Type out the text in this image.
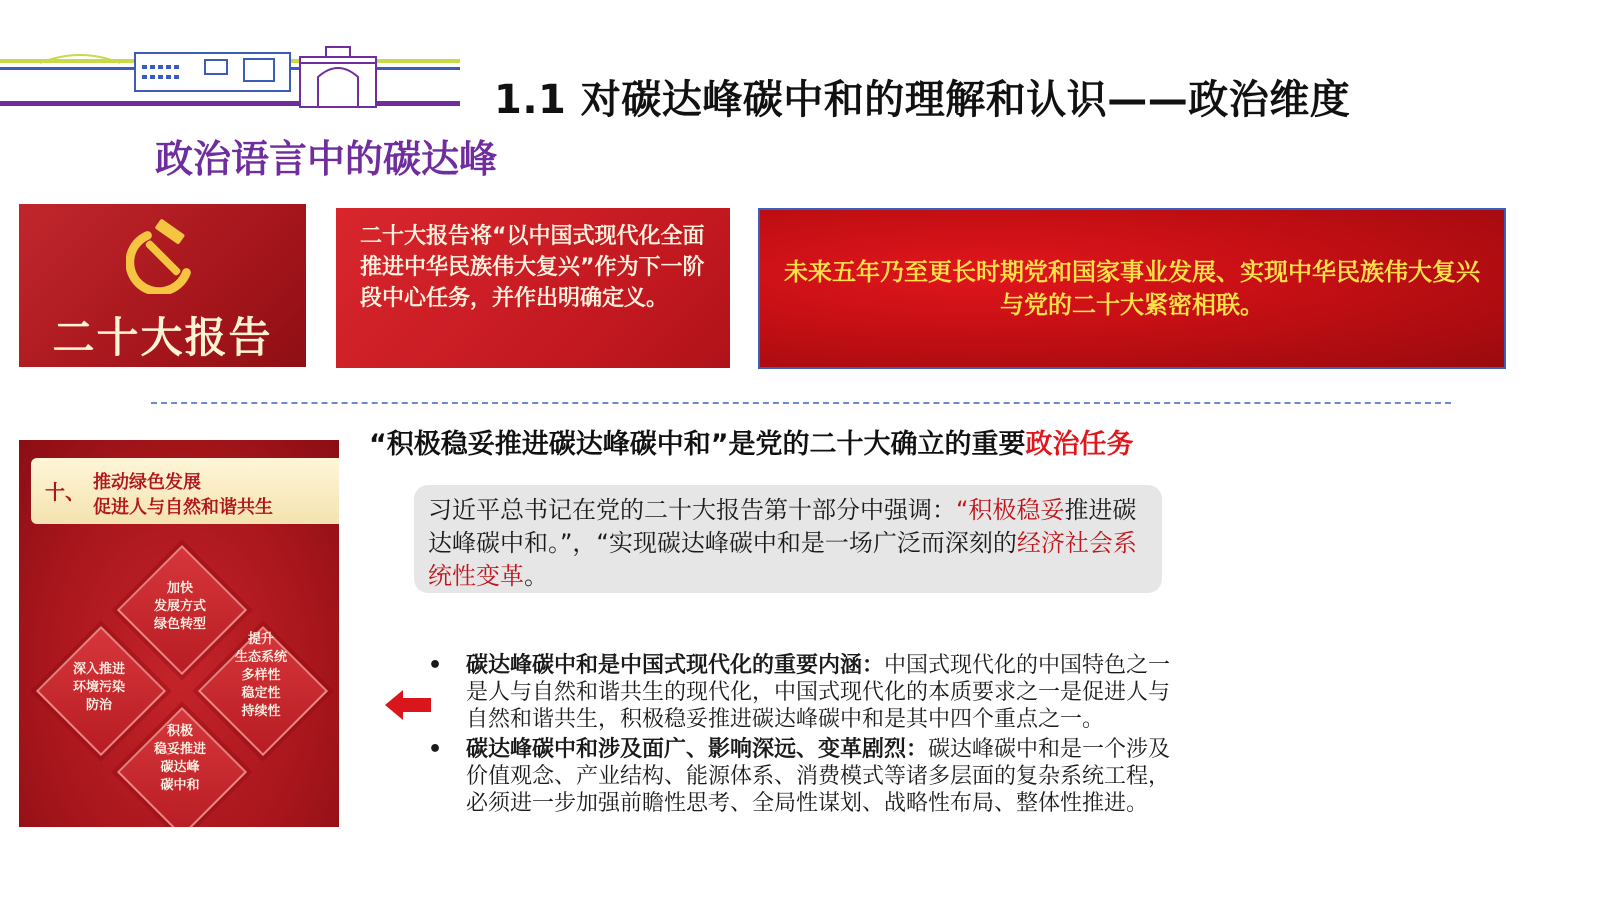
1.1 对碳达峰碳中和的理解和认识——政治维度
政治语言中的碳达峰
二十大报告
二十大报告将“以中国式现代化全面推进中华民族伟大复兴”作为下一阶段中心任务，并作出明确定义。
未来五年乃至更长时期党和国家事业发展、实现中华民族伟大复兴与党的二十大紧密相联。
十、 推动绿色发展
促进人与自然和谐共生
加快
发展方式
绿色转型
深入推进
环境污染
防治
提升
生态系统
多样性
稳定性
持续性
积极
稳妥推进
碳达峰
碳中和
“积极稳妥推进碳达峰碳中和”是党的二十大确立的重要政治任务
习近平总书记在党的二十大报告第十部分中强调：“积极稳妥推进碳达峰碳中和。”，“实现碳达峰碳中和是一场广泛而深刻的经济社会系统性变革。
• 碳达峰碳中和是中国式现代化的重要内涵：中国式现代化的中国特色之一是人与自然和谐共生的现代化，中国式现代化的本质要求之一是促进人与自然和谐共生，积极稳妥推进碳达峰碳中和是其中四个重点之一。
• 碳达峰碳中和涉及面广、影响深远、变革剧烈：碳达峰碳中和是一个涉及价值观念、产业结构、能源体系、消费模式等诸多层面的复杂系统工程，必须进一步加强前瞻性思考、全局性谋划、战略性布局、整体性推进。
